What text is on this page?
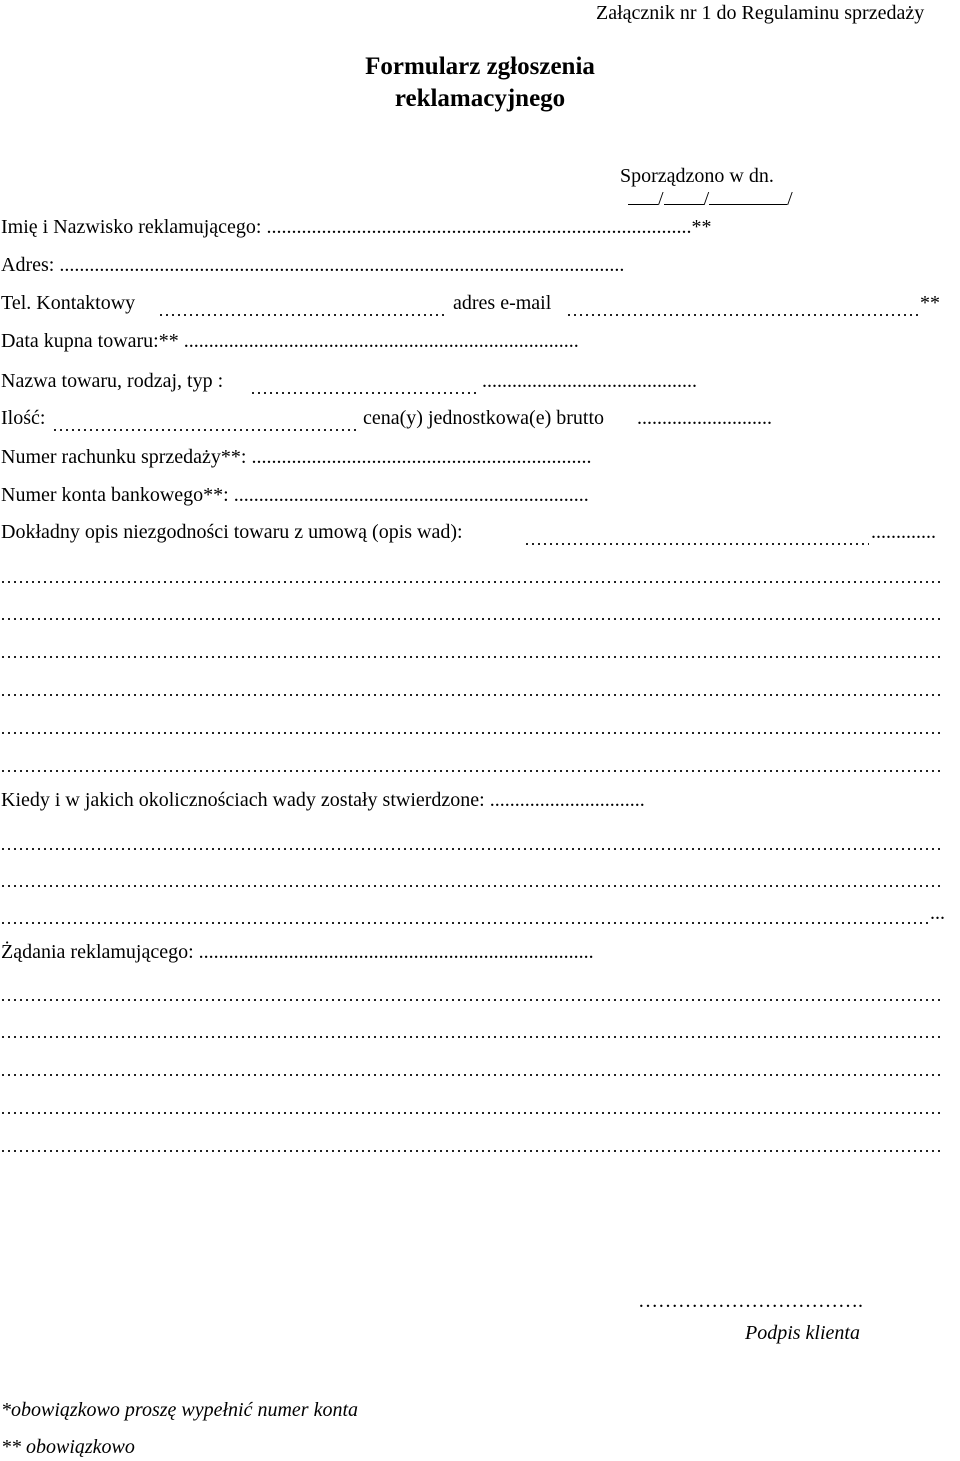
Załącznik nr 1 do Regulaminu sprzedaży
Formularz zgłoszenia
reklamacyjnego

Sporządzono w dn.
/ /	/

Imię i Nazwisko reklamującego: .....................................................................................**
Adres: .................................................................................................................
Tel. Kontaktowy	adres e-mail	**
Data kupna towaru:** ...............................................................................
Nazwa towaru, rodzaj, typ :	...........................................
Ilość:	cena(y) jednostkowa(e) brutto ...........................
Numer rachunku sprzedaży**: ....................................................................
Numer konta bankowego**: .......................................................................
Dokładny opis niezgodności towaru z umową (opis wad):	.............
Kiedy i w jakich okolicznościach wady zostały stwierdzone: ...............................
...
Żądania reklamującego: ...............................................................................
…………………………….
Podpis klienta
*obowiązkowo proszę wypełnić numer konta
** obowiązkowo
